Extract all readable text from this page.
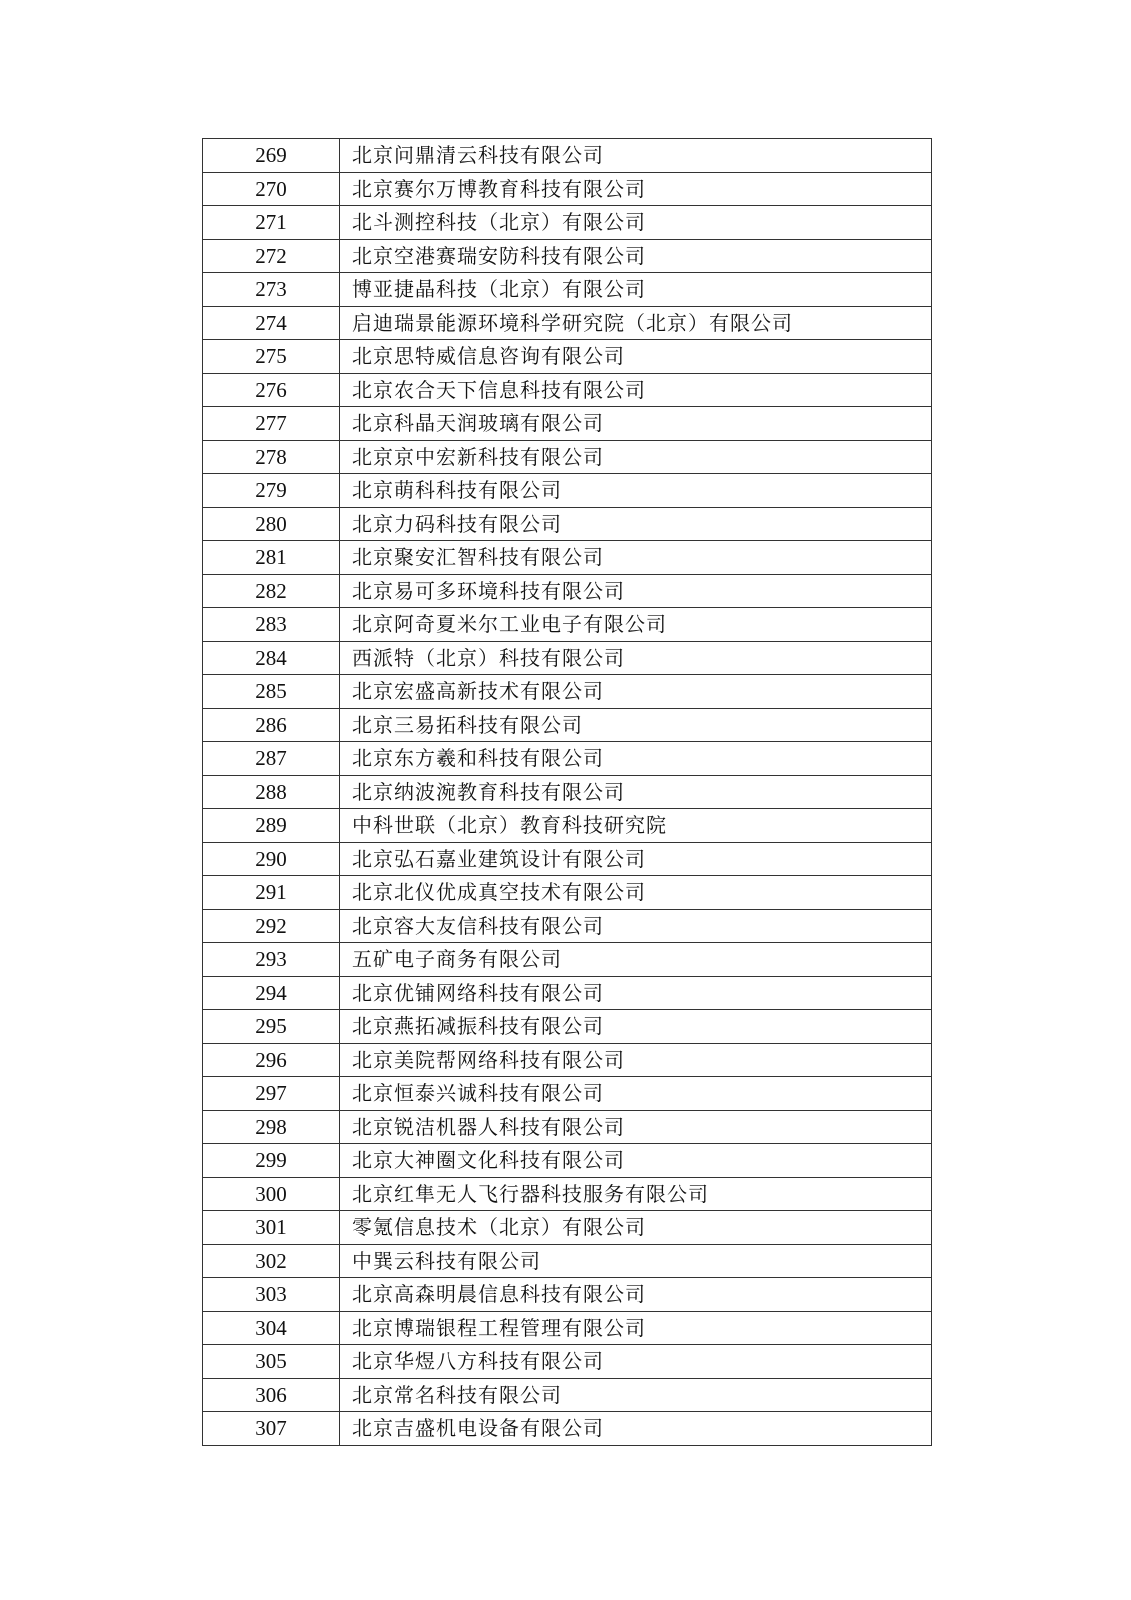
269	北京问鼎清云科技有限公司
270	北京赛尔万博教育科技有限公司
271	北斗测控科技（北京）有限公司
272	北京空港赛瑞安防科技有限公司
273	博亚捷晶科技（北京）有限公司
274	启迪瑞景能源环境科学研究院（北京）有限公司
275	北京思特威信息咨询有限公司
276	北京农合天下信息科技有限公司
277	北京科晶天润玻璃有限公司
278	北京京中宏新科技有限公司
279	北京萌科科技有限公司
280	北京力码科技有限公司
281	北京聚安汇智科技有限公司
282	北京易可多环境科技有限公司
283	北京阿奇夏米尔工业电子有限公司
284	西派特（北京）科技有限公司
285	北京宏盛高新技术有限公司
286	北京三易拓科技有限公司
287	北京东方羲和科技有限公司
288	北京纳波涴教育科技有限公司
289	中科世联（北京）教育科技研究院
290	北京弘石嘉业建筑设计有限公司
291	北京北仪优成真空技术有限公司
292	北京容大友信科技有限公司
293	五矿电子商务有限公司
294	北京优铺网络科技有限公司
295	北京燕拓减振科技有限公司
296	北京美院帮网络科技有限公司
297	北京恒泰兴诚科技有限公司
298	北京锐洁机器人科技有限公司
299	北京大神圈文化科技有限公司
300	北京红隼无人飞行器科技服务有限公司
301	零氪信息技术（北京）有限公司
302	中巽云科技有限公司
303	北京高森明晨信息科技有限公司
304	北京博瑞银程工程管理有限公司
305	北京华煜八方科技有限公司
306	北京常名科技有限公司
307	北京吉盛机电设备有限公司
